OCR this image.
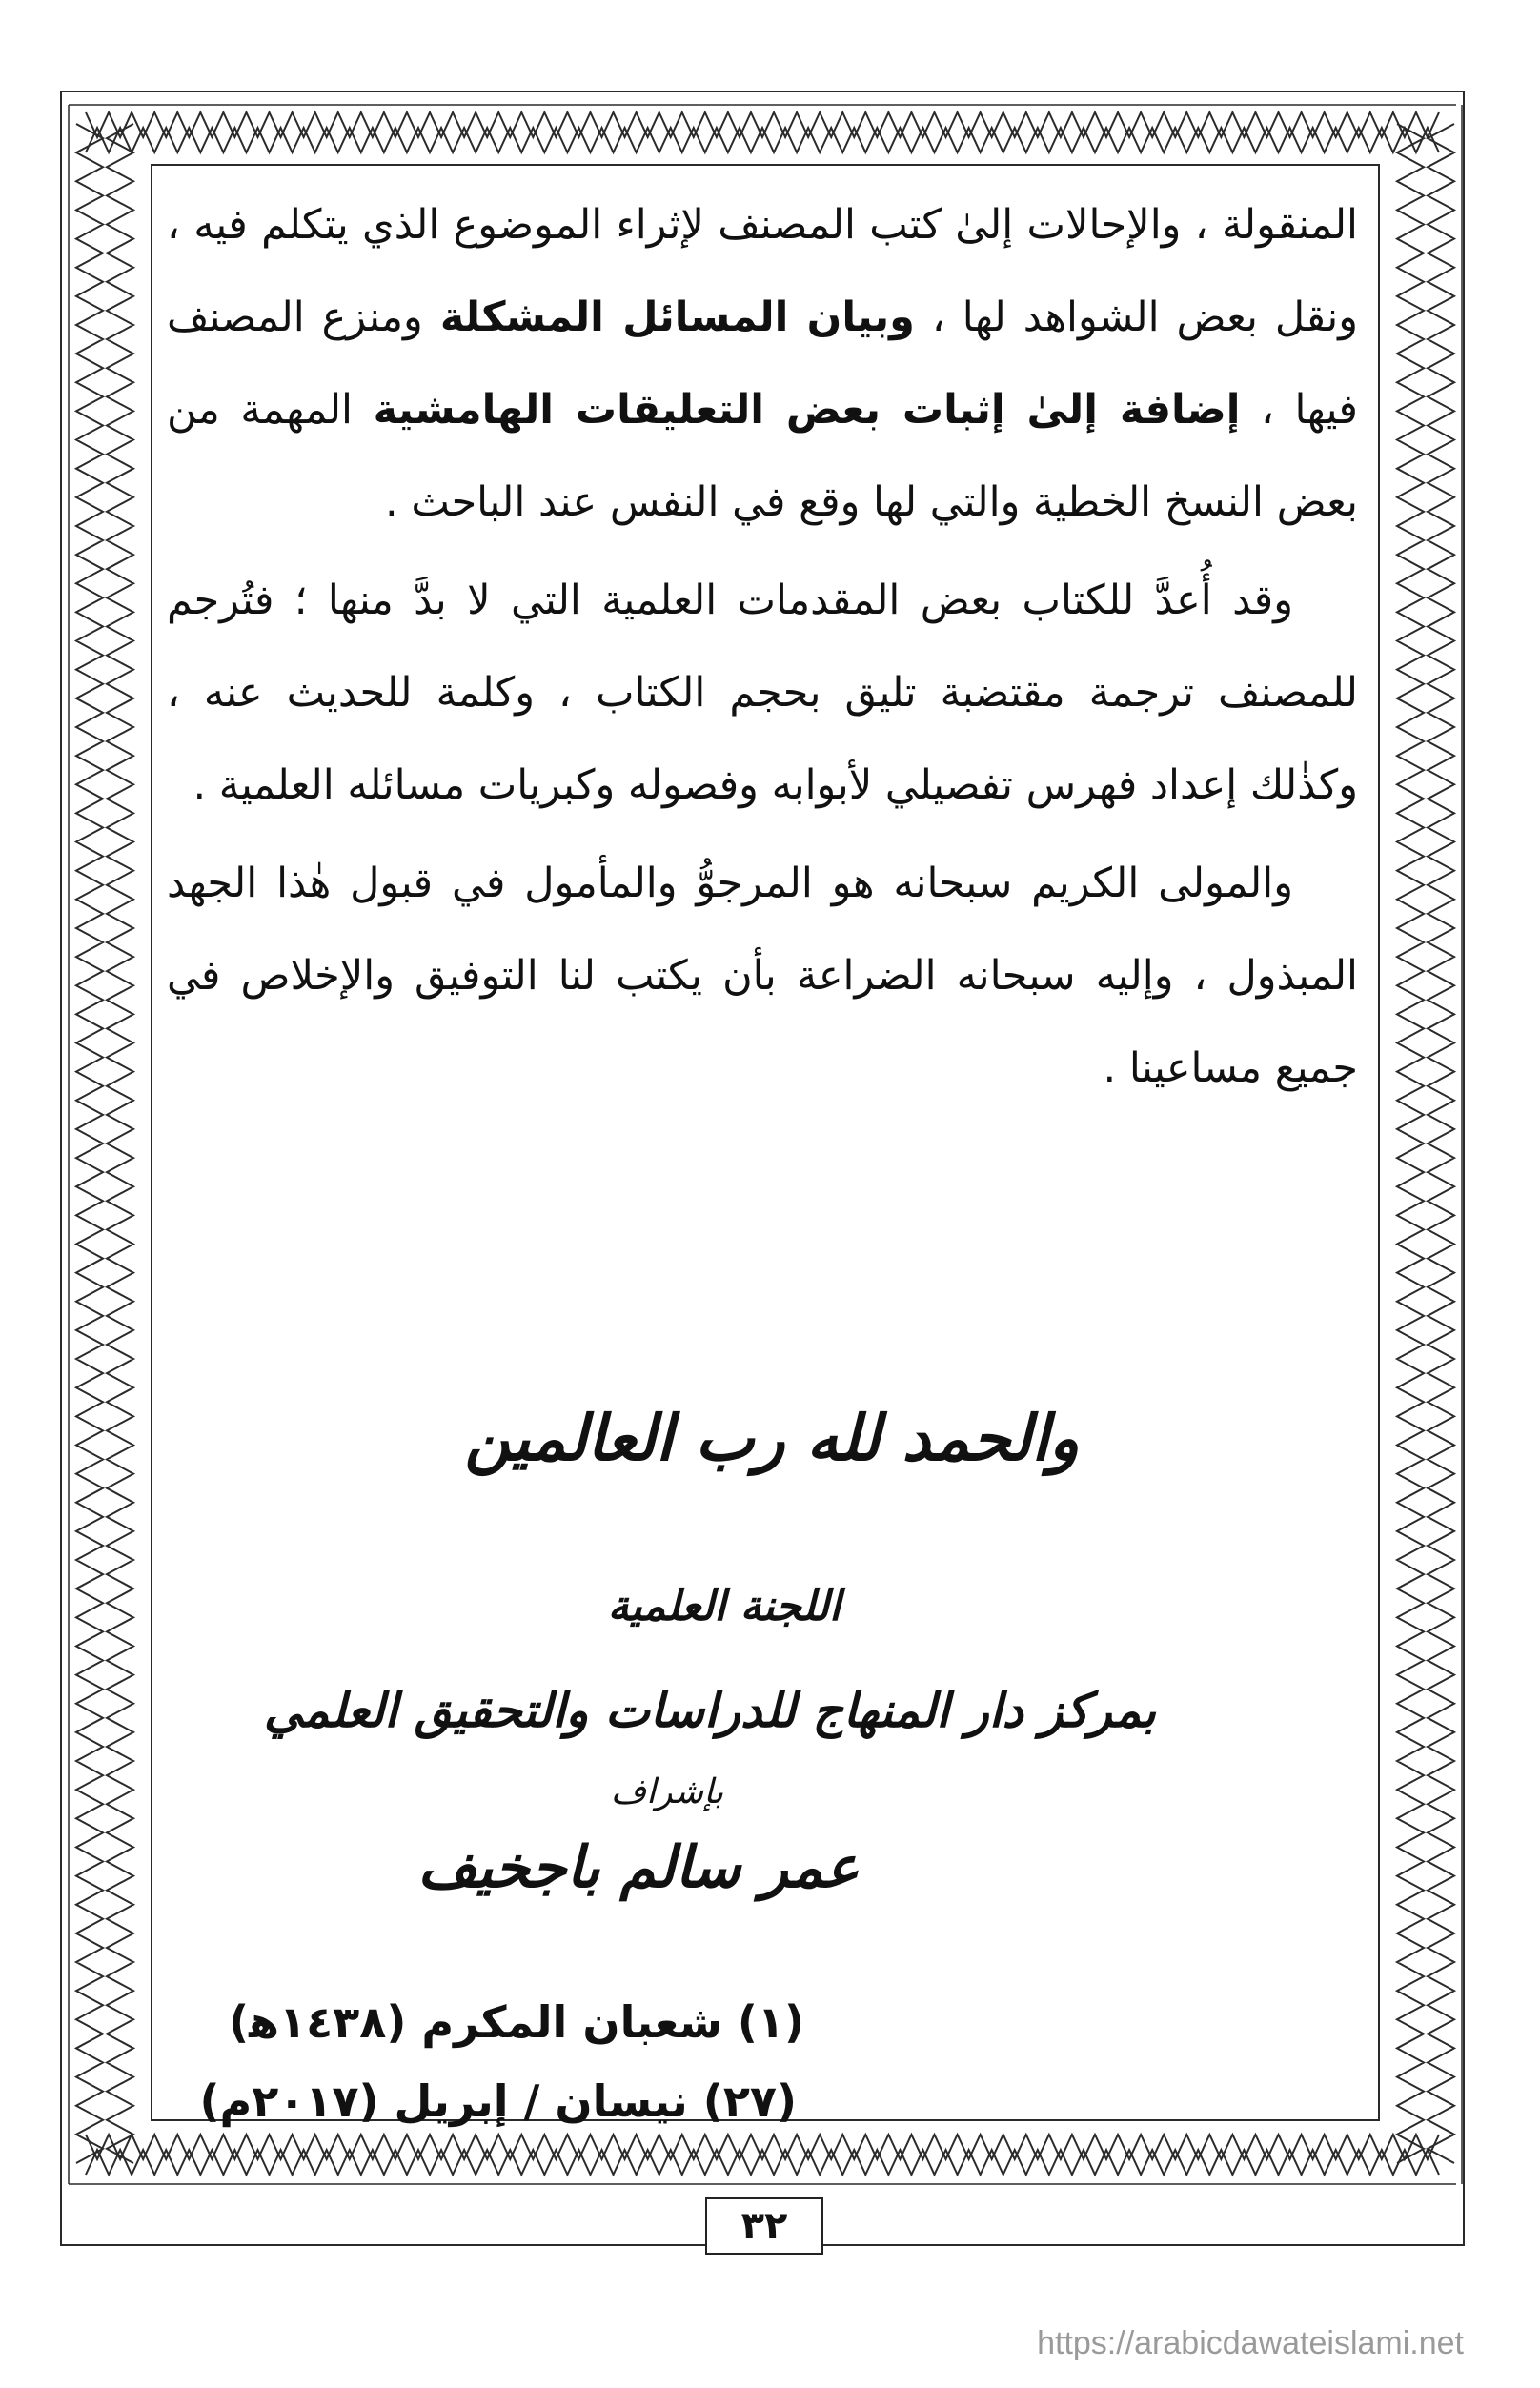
المنقولة ، والإحالات إلىٰ كتب المصنف لإثراء الموضوع الذي يتكلم فيه ، ونقل بعض الشواهد لها ، وبيان المسائل المشكلة ومنزع المصنف فيها ، إضافة إلىٰ إثبات بعض التعليقات الهامشية المهمة من بعض النسخ الخطية والتي لها وقع في النفس عند الباحث .

وقد أُعدَّ للكتاب بعض المقدمات العلمية التي لا بدَّ منها ؛ فتُرجم للمصنف ترجمة مقتضبة تليق بحجم الكتاب ، وكلمة للحديث عنه ، وكذٰلك إعداد فهرس تفصيلي لأبوابه وفصوله وكبريات مسائله العلمية .

والمولى الكريم سبحانه هو المرجوُّ والمأمول في قبول هٰذا الجهد المبذول ، وإليه سبحانه الضراعة بأن يكتب لنا التوفيق والإخلاص في جميع مساعينا .

والحمد لله رب العالمين
اللجنة العلمية
بمركز دار المنهاج للدراسات والتحقيق العلمي
بإشراف
عمر سالم باجخيف
(١) شعبان المكرم (١٤٣٨ﻫ)
(٢٧) نيسان / إبريل (٢٠١٧م)
٣٢
https://arabicdawateislami.net
